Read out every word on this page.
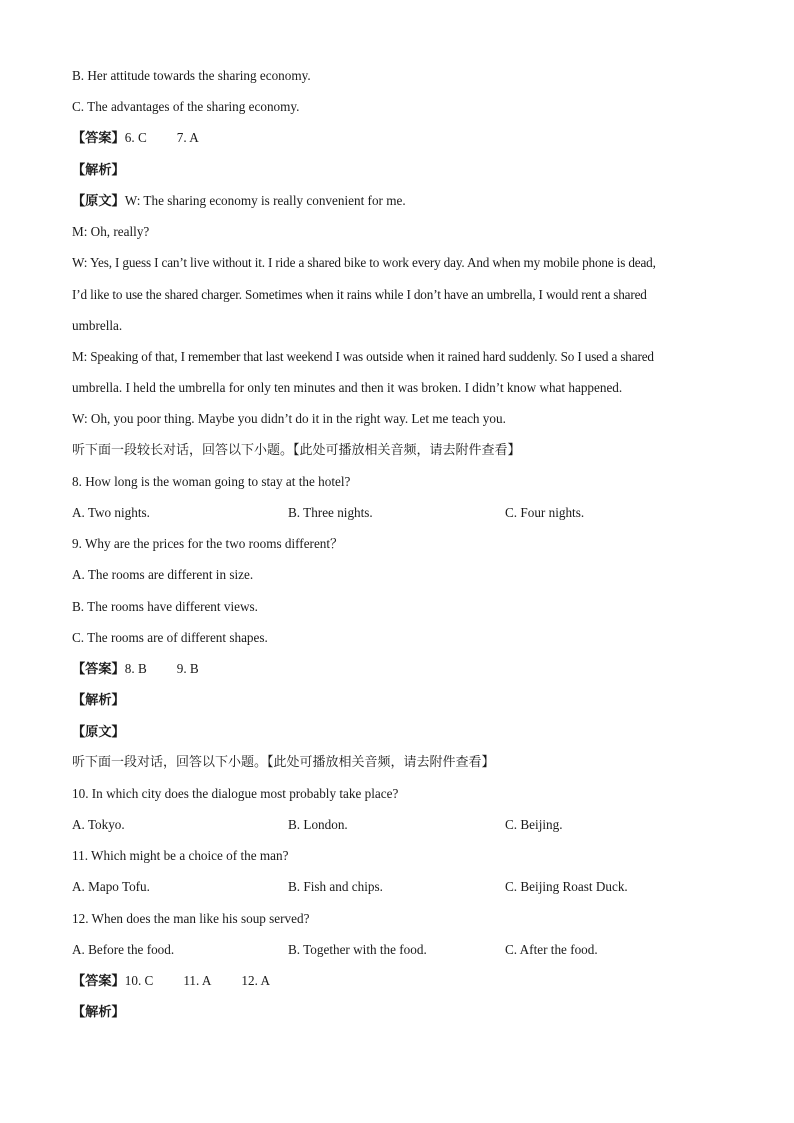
B. Her attitude towards the sharing economy.
C. The advantages of the sharing economy.
【答案】6. C 7. A
【解析】
【原文】W: The sharing economy is really convenient for me.
M: Oh, really?
W: Yes, I guess I can’t live without it. I ride a shared bike to work every day. And when my mobile phone is dead,
I’d like to use the shared charger. Sometimes when it rains while I don’t have an umbrella, I would rent a shared
umbrella.
M: Speaking of that, I remember that last weekend I was outside when it rained hard suddenly. So I used a shared
umbrella. I held the umbrella for only ten minutes and then it was broken. I didn’t know what happened.
W: Oh, you poor thing. Maybe you didn’t do it in the right way. Let me teach you.
听下面一段较长对话，回答以下小题。【此处可播放相关音频，请去附件查看】
8. How long is the woman going to stay at the hotel?
A. Two nights.	B. Three nights.	C. Four nights.
9. Why are the prices for the two rooms different？
A. The rooms are different in size.
B. The rooms have different views.
C. The rooms are of different shapes.
【答案】8. B 9. B
【解析】
【原文】
听下面一段对话，回答以下小题。【此处可播放相关音频，请去附件查看】
10. In which city does the dialogue most probably take place?
A. Tokyo.	B. London.	C. Beijing.
11. Which might be a choice of the man?
A. Mapo Tofu.	B. Fish and chips.	C. Beijing Roast Duck.
12. When does the man like his soup served?
A. Before the food.	B. Together with the food.	C. After the food.
【答案】10. C 11. A 12. A
【解析】
